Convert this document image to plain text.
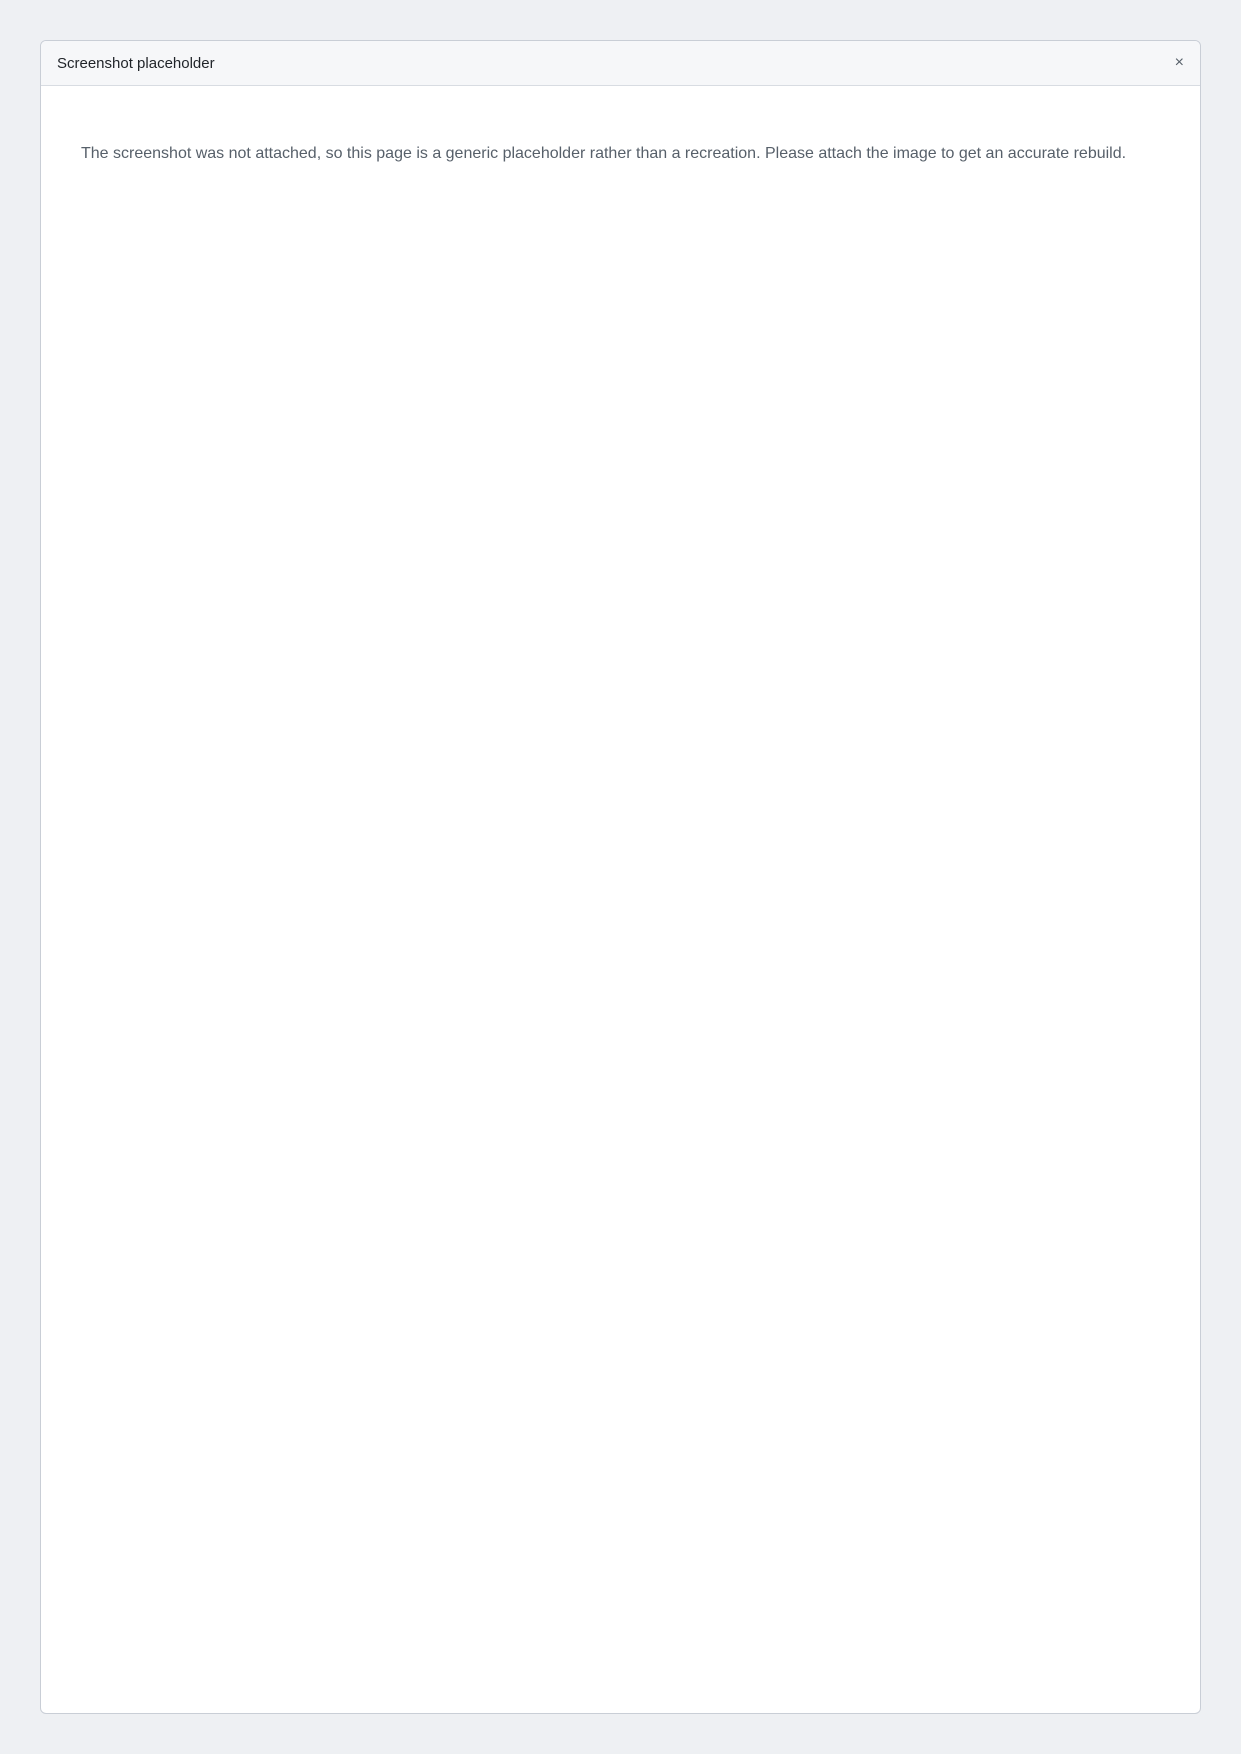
Screenshot placeholder	×

The screenshot was not attached, so this page is a generic placeholder rather than a recreation. Please attach the image to get an accurate rebuild.
